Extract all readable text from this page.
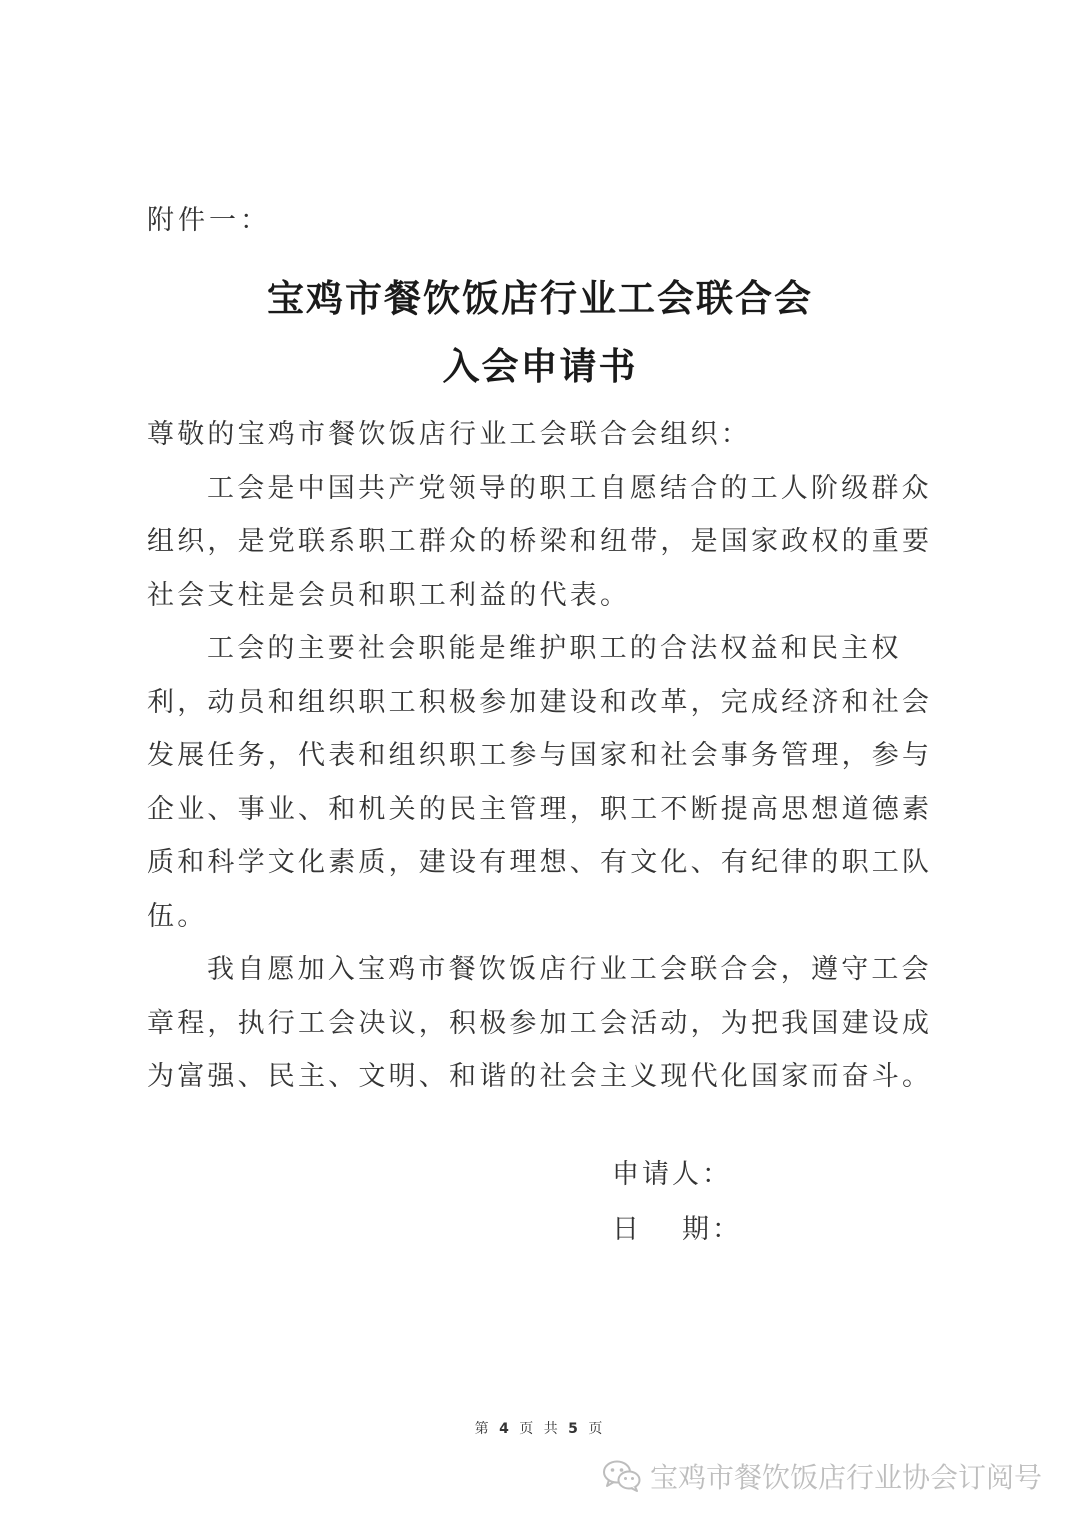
附件一：
宝鸡市餐饮饭店行业工会联合会
入会申请书

尊敬的宝鸡市餐饮饭店行业工会联合会组织：

工会是中国共产党领导的职工自愿结合的工人阶级群众组织，是党联系职工群众的桥梁和纽带，是国家政权的重要社会支柱是会员和职工利益的代表。

工会的主要社会职能是维护职工的合法权益和民主权利，动员和组织职工积极参加建设和改革，完成经济和社会发展任务，代表和组织职工参与国家和社会事务管理，参与企业、事业、和机关的民主管理，职工不断提高思想道德素质和科学文化素质，建设有理想、有文化、有纪律的职工队伍。

我自愿加入宝鸡市餐饮饭店行业工会联合会，遵守工会章程，执行工会决议，积极参加工会活动，为把我国建设成为富强、民主、文明、和谐的社会主义现代化国家而奋斗。

申请人：
日 期：
第 4 页 共 5 页
宝鸡市餐饮饭店行业协会订阅号
